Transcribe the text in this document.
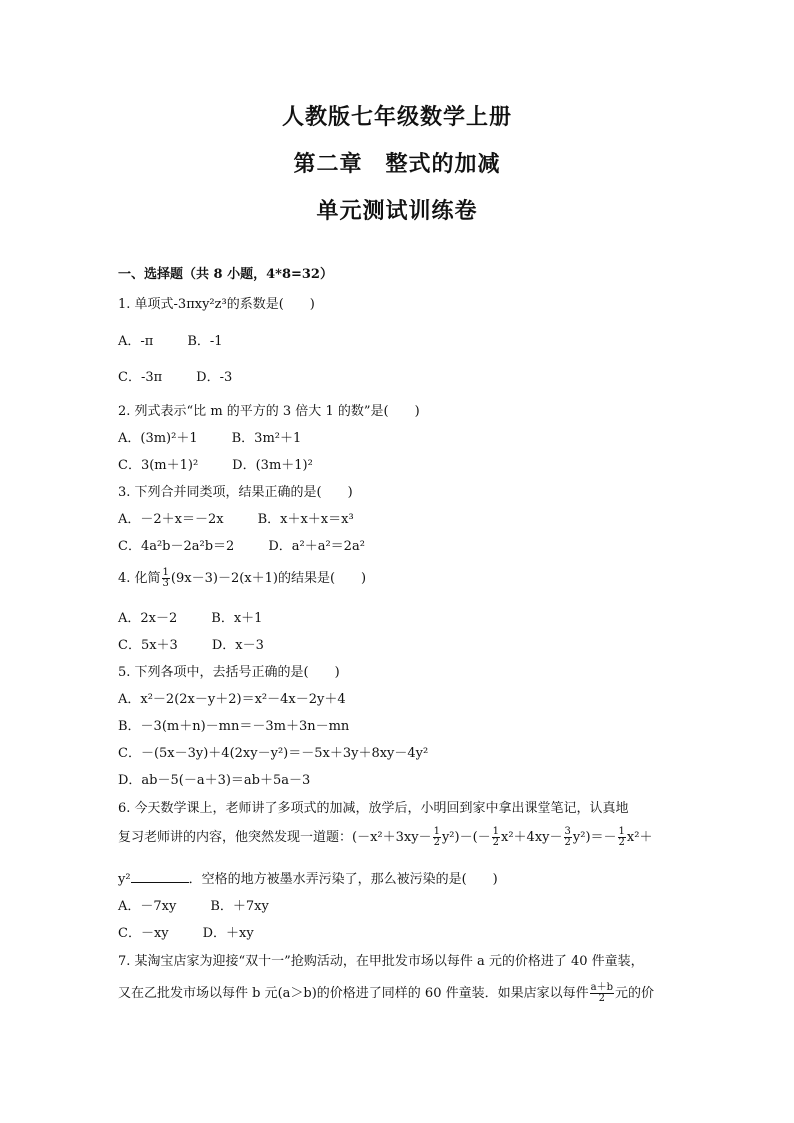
人教版七年级数学上册
第二章　整式的加减
单元测试训练卷
一、选择题（共 8 小题，4*8=32）
1. 单项式-3πxy²z³的系数是(　　)
A．-π	B．-1
C．-3π	D．-3
2. 列式表示“比 m 的平方的 3 倍大 1 的数”是(　　)
A．(3m)²＋1	B．3m²＋1
C．3(m＋1)²	D．(3m＋1)²
3. 下列合并同类项，结果正确的是(　　)
A．－2＋x＝－2x	B．x＋x＋x＝x³
C．4a²b－2a²b＝2	D．a²＋a²＝2a²
4. 化简 $\frac{1}{3} (9x-3)-2(x+1)$的结果是(　　)
A．2x－2	B．x＋1
C．5x＋3	D．x－3
5. 下列各项中，去括号正确的是(　　)
A．x²－2(2x－y＋2)＝x²－4x－2y＋4
B．－3(m＋n)－mn＝－3m＋3n－mn
C．－(5x－3y)＋4(2xy－y²)＝－5x＋3y＋8xy－4y²
D．ab－5(－a＋3)＝ab＋5a－3
6. 今天数学课上，老师讲了多项式的加减，放学后，小明回到家中拿出课堂笔记，认真地
复习老师讲的内容，他突然发现一道题：$(-x^2+3xy- \frac{1}{2} y^2)-(- \frac{1}{2} x^2+4xy- \frac{3}{2} y^2)=- \frac{1}{2} x^2+$
y²	．空格的地方被墨水弄污染了，那么被污染的是(　　)
A．－7xy	B．＋7xy
C．－xy	D．＋xy
7. 某淘宝店家为迎接“双十一”抢购活动，在甲批发市场以每件 a 元的价格进了 40 件童装，
又在乙批发市场以每件 b 元(a＞b)的价格进了同样的 60 件童装．如果店家以每件 $\frac{a+b}{2}$ 元的价
